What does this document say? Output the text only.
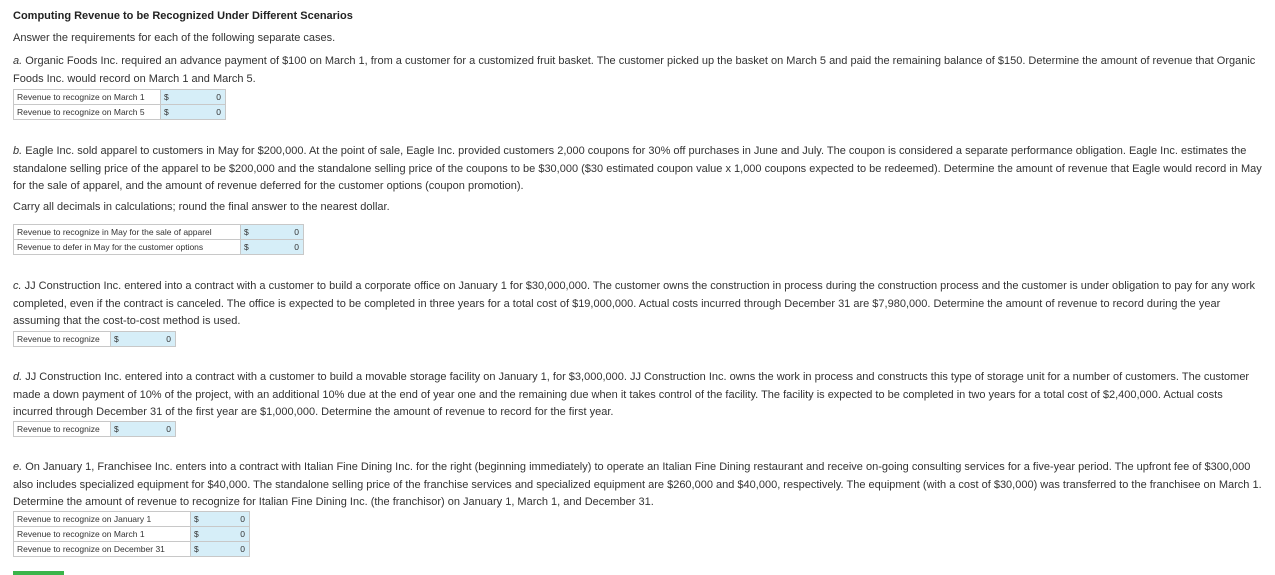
Computing Revenue to be Recognized Under Different Scenarios
Answer the requirements for each of the following separate cases.

a. Organic Foods Inc. required an advance payment of $100 on March 1, from a customer for a customized fruit basket. The customer picked up the basket on March 5 and paid the remaining balance of $150. Determine the amount of revenue that Organic Foods Inc. would record on March 1 and March 5.

Revenue to recognize on March 1	$	0
Revenue to recognize on March 5	$	0

b. Eagle Inc. sold apparel to customers in May for $200,000. At the point of sale, Eagle Inc. provided customers 2,000 coupons for 30% off purchases in June and July. The coupon is considered a separate performance obligation. Eagle Inc. estimates the standalone selling price of the apparel to be $200,000 and the standalone selling price of the coupons to be $30,000 ($30 estimated coupon value x 1,000 coupons expected to be redeemed). Determine the amount of revenue that Eagle would record in May for the sale of apparel, and the amount of revenue deferred for the customer options (coupon promotion).

Carry all decimals in calculations; round the final answer to the nearest dollar.
Revenue to recognize in May for the sale of apparel	$	0
Revenue to defer in May for the customer options	$	0

c. JJ Construction Inc. entered into a contract with a customer to build a corporate office on January 1 for $30,000,000. The customer owns the construction in process during the construction process and the customer is under obligation to pay for any work completed, even if the contract is canceled. The office is expected to be completed in three years for a total cost of $19,000,000. Actual costs incurred through December 31 are $7,980,000. Determine the amount of revenue to record during the year assuming that the cost-to-cost method is used.

Revenue to recognize	$	0

d. JJ Construction Inc. entered into a contract with a customer to build a movable storage facility on January 1, for $3,000,000. JJ Construction Inc. owns the work in process and constructs this type of storage unit for a number of customers. The customer made a down payment of 10% of the project, with an additional 10% due at the end of year one and the remaining due when it takes control of the facility. The facility is expected to be completed in two years for a total cost of $2,400,000. Actual costs incurred through December 31 of the first year are $1,000,000. Determine the amount of revenue to record for the first year.

Revenue to recognize	$	0

e. On January 1, Franchisee Inc. enters into a contract with Italian Fine Dining Inc. for the right (beginning immediately) to operate an Italian Fine Dining restaurant and receive on-going consulting services for a five-year period. The upfront fee of $300,000 also includes specialized equipment for $40,000. The standalone selling price of the franchise services and specialized equipment are $260,000 and $40,000, respectively. The equipment (with a cost of $30,000) was transferred to the franchisee on March 1. Determine the amount of revenue to recognize for Italian Fine Dining Inc. (the franchisor) on January 1, March 1, and December 31.

Revenue to recognize on January 1	$	0
Revenue to recognize on March 1	$	0
Revenue to recognize on December 31	$	0
